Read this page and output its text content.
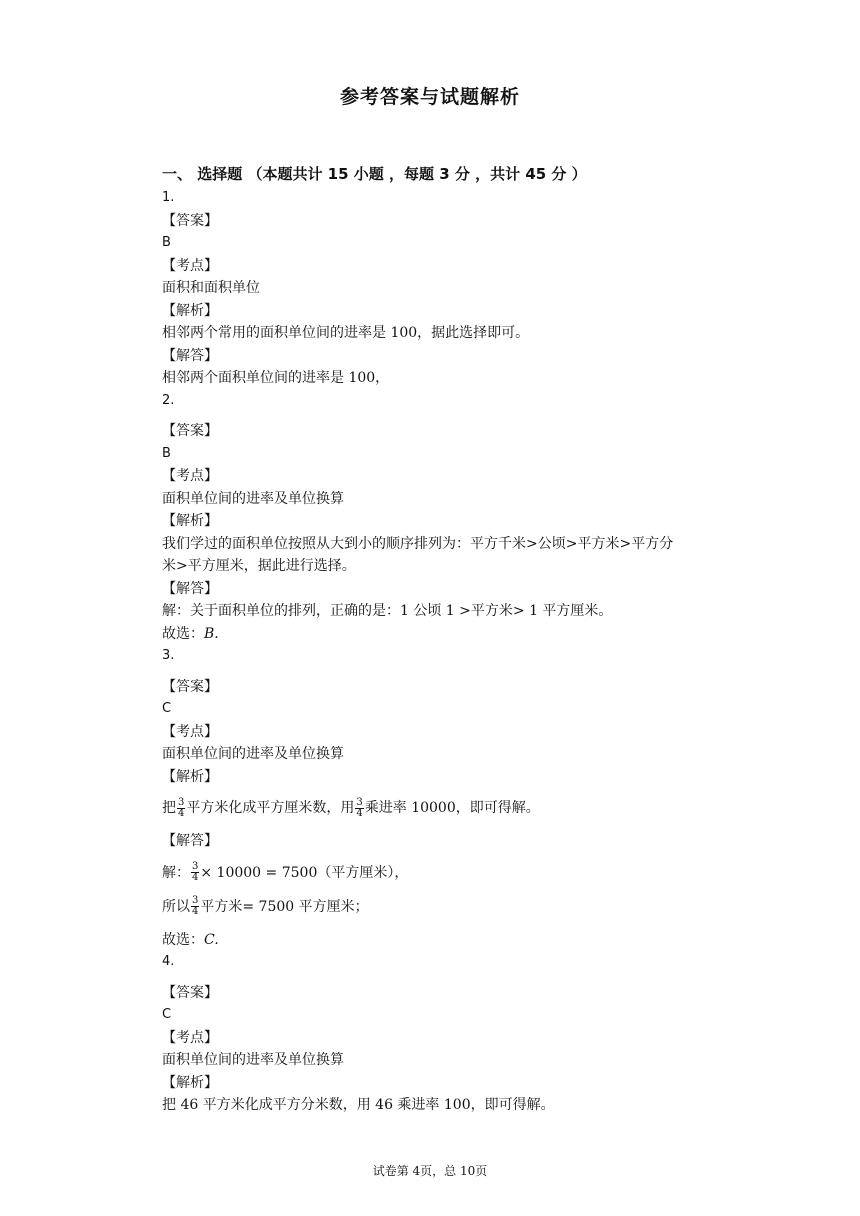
参考答案与试题解析
一、 选择题 （本题共计 15 小题 ，每题 3 分 ，共计 45 分 ）
1.
【答案】
B
【考点】
面积和面积单位
【解析】
相邻两个常用的面积单位间的进率是 100，据此选择即可。
【解答】
相邻两个面积单位间的进率是 100，
2.
【答案】
B
【考点】
面积单位间的进率及单位换算
【解析】
我们学过的面积单位按照从大到小的顺序排列为：平方千米>公顷>平方米>平方分
米>平方厘米，据此进行选择。
【解答】
解：关于面积单位的排列，正确的是：1 公顷 1 >平方米> 1 平方厘米。
故选：B.
3.
【答案】
C
【考点】
面积单位间的进率及单位换算
【解析】
把 $\frac{3}{4}$ 平方米化成平方厘米数，用 $\frac{3}{4}$ 乘进率 10000，即可得解。
【解答】
解： $\frac{3}{4} \times 10000 = 7500$（平方厘米），
所以 $\frac{3}{4}$ 平方米= 7500 平方厘米；
故选：C.
4.
【答案】
C
【考点】
面积单位间的进率及单位换算
【解析】
把 46 平方米化成平方分米数，用 46 乘进率 100，即可得解。
试卷第 4页，总 10页
